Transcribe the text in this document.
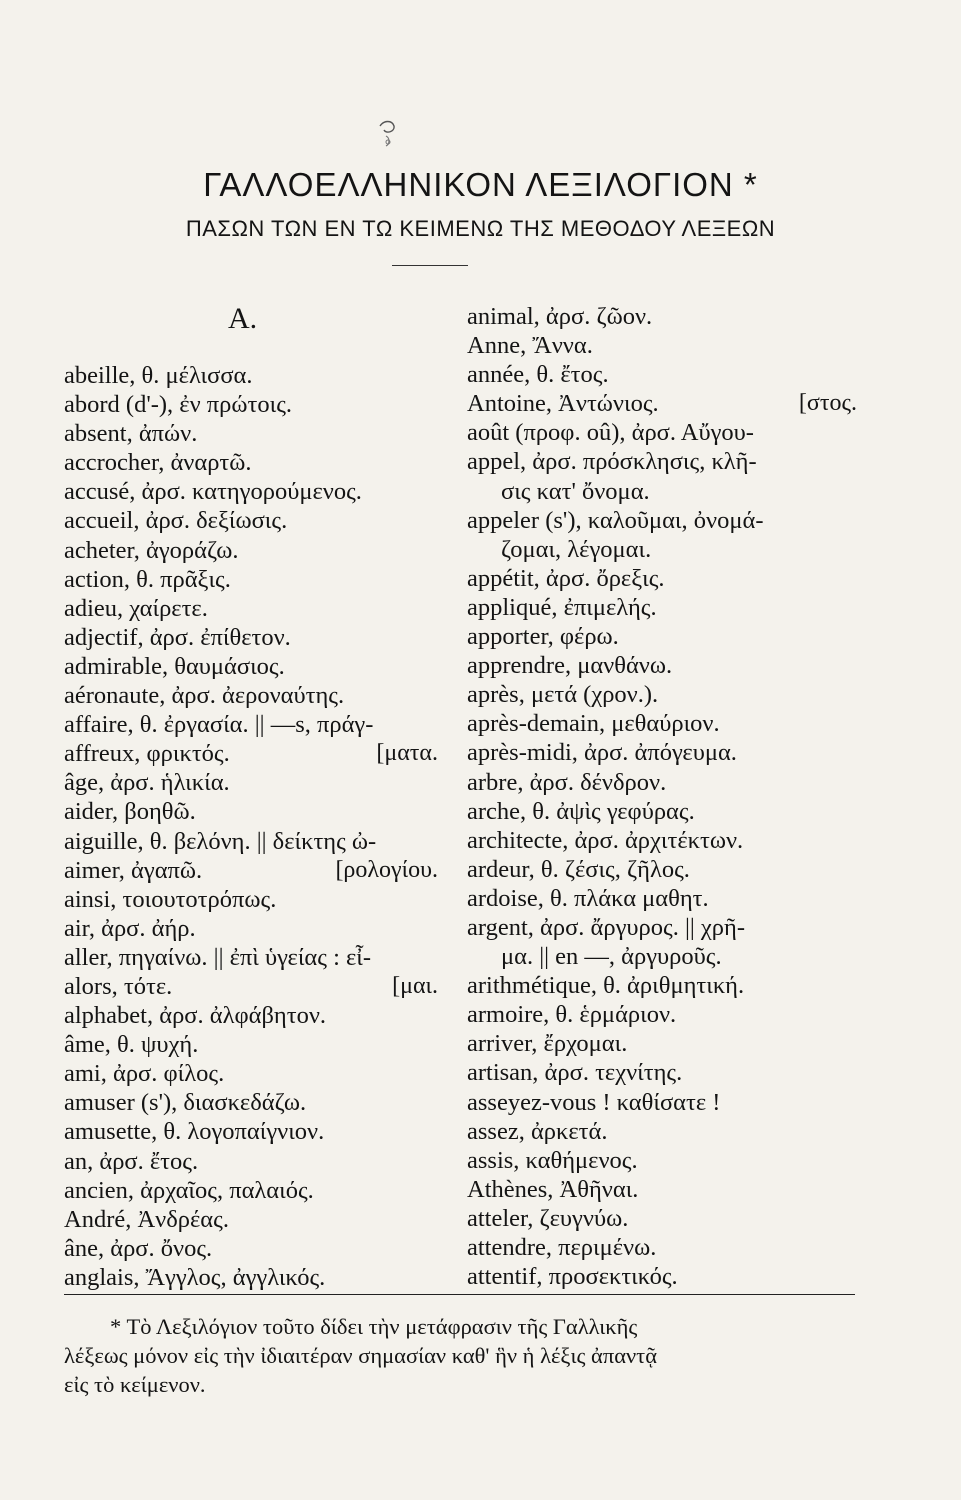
ΓΑΛΛΟΕΛΛΗΝΙΚΟΝ ΛΕΞΙΛΟΓΙΟΝ *
ΠΑΣΩΝ ΤΩΝ ΕΝ ΤΩ ΚΕΙΜΕΝΩ ΤΗΣ ΜΕΘΟΔΟΥ ΛΕΞΕΩΝ
A.
abeille, θ. μέλισσα.
abord (d'-), ἐν πρώτοις.
absent, ἀπών.
accrocher, ἀναρτῶ.
accusé, ἀρσ. κατηγορούμενος.
accueil, ἀρσ. δεξίωσις.
acheter, ἀγοράζω.
action, θ. πρᾶξις.
adieu, χαίρετε.
adjectif, ἀρσ. ἐπίθετον.
admirable, θαυμάσιος.
aéronaute, ἀρσ. ἀεροναύτης.
affaire, θ. ἐργασία. || —s, πράγ-
affreux, φρικτός.	[ματα.
âge, ἀρσ. ἡλικία.
aider, βοηθῶ.
aiguille, θ. βελόνη. || δείκτης ὠ-
aimer, ἀγαπῶ.	[ρολογίου.
ainsi, τοιουτοτρόπως.
air, ἀρσ. ἀήρ.
aller, πηγαίνω. || ἐπὶ ὑγείας : εἶ-
alors, τότε.	[μαι.
alphabet, ἀρσ. ἀλφάβητον.
âme, θ. ψυχή.
ami, ἀρσ. φίλος.
amuser (s'), διασκεδάζω.
amusette, θ. λογοπαίγνιον.
an, ἀρσ. ἔτος.
ancien, ἀρχαῖος, παλαιός.
André, Ἀνδρέας.
âne, ἀρσ. ὄνος.
anglais, Ἄγγλος, ἀγγλικός.
animal, ἀρσ. ζῶον.
Anne, Ἄννα.
année, θ. ἔτος.
Antoine, Ἀντώνιος.	[στος.
août (προφ. oû), ἀρσ. Αὔγου-
appel, ἀρσ. πρόσκλησις, κλῆ-
σις κατ' ὄνομα.
appeler (s'), καλοῦμαι, ὀνομά-
ζομαι, λέγομαι.
appétit, ἀρσ. ὄρεξις.
appliqué, ἐπιμελής.
apporter, φέρω.
apprendre, μανθάνω.
après, μετά (χρον.).
après-demain, μεθαύριον.
après-midi, ἀρσ. ἀπόγευμα.
arbre, ἀρσ. δένδρον.
arche, θ. ἀψὶς γεφύρας.
architecte, ἀρσ. ἀρχιτέκτων.
ardeur, θ. ζέσις, ζῆλος.
ardoise, θ. πλάκα μαθητ.
argent, ἀρσ. ἄργυρος. || χρῆ-
μα. || en —, ἀργυροῦς.
arithmétique, θ. ἀριθμητική.
armoire, θ. ἑρμάριον.
arriver, ἔρχομαι.
artisan, ἀρσ. τεχνίτης.
asseyez-vous ! καθίσατε !
assez, ἀρκετά.
assis, καθήμενος.
Athènes, Ἀθῆναι.
atteler, ζευγνύω.
attendre, περιμένω.
attentif, προσεκτικός.

* Τὸ Λεξιλόγιον τοῦτο δίδει τὴν μετάφρασιν τῆς Γαλλικῆς

λέξεως μόνον εἰς τὴν ἰδιαιτέραν σημασίαν καθ' ἣν ἡ λέξις ἀπαντᾷ

εἰς τὸ κείμενον.
